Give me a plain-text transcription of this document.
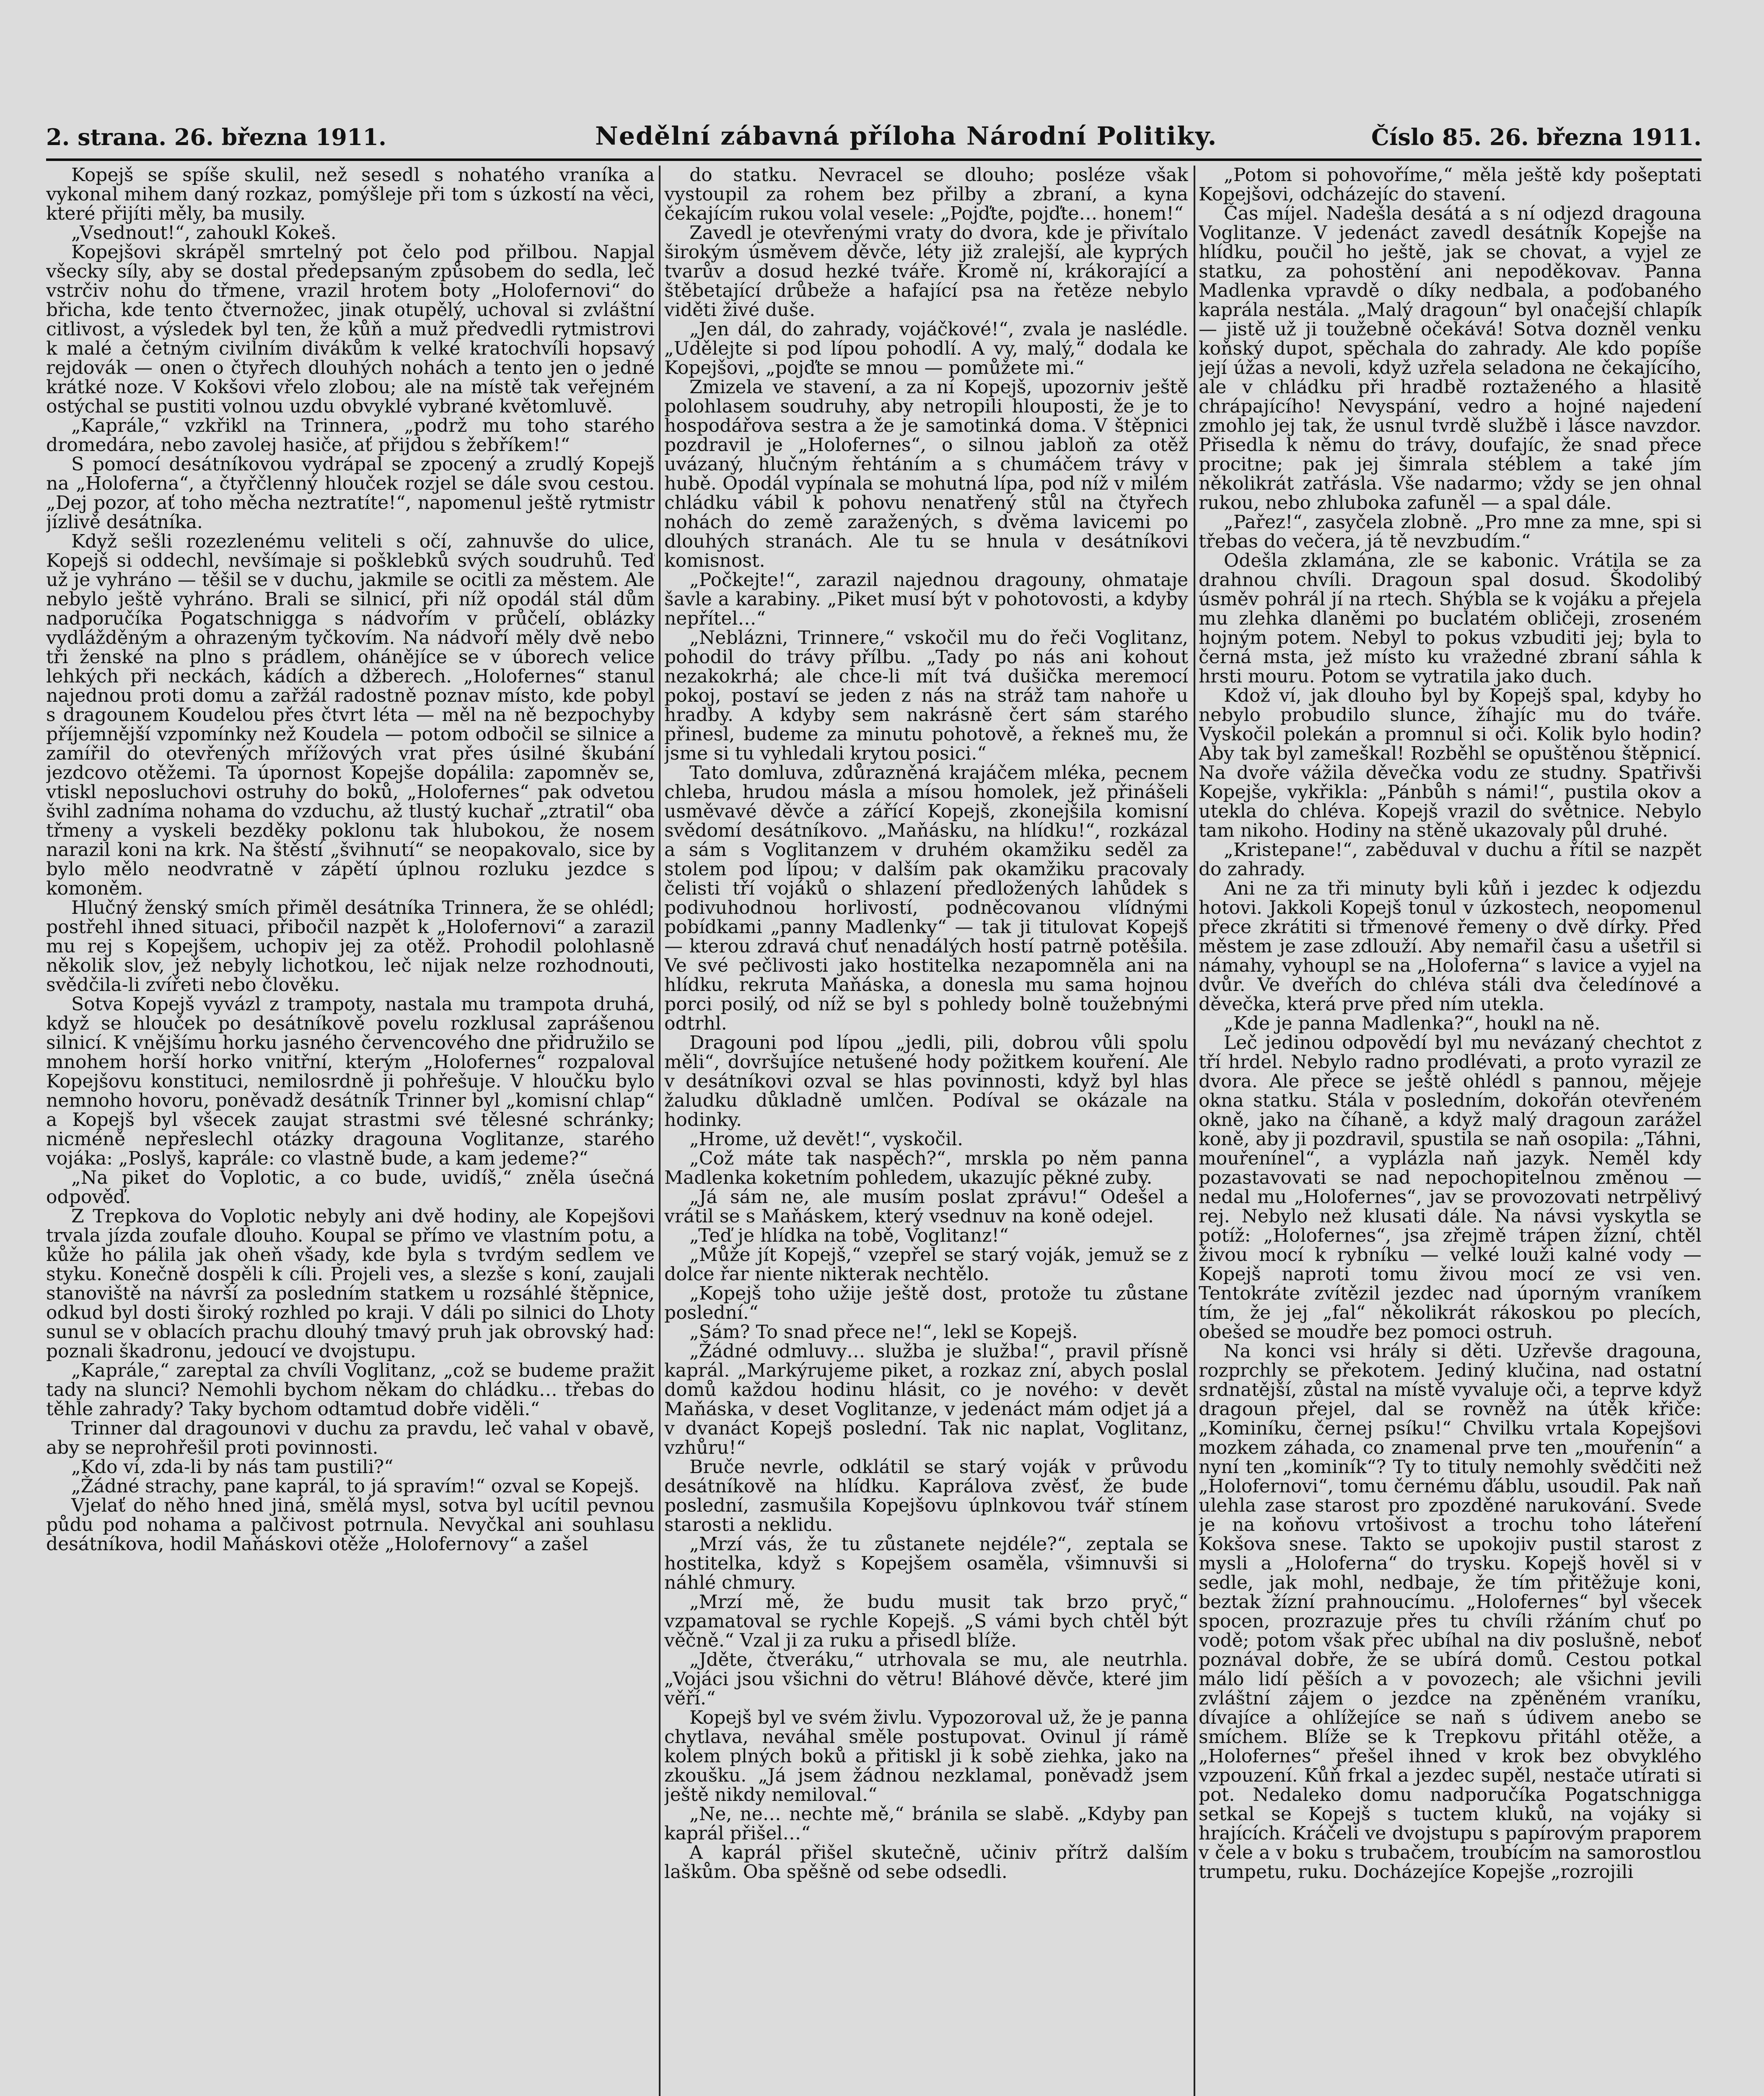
2. strana. 26. března 1911.	Nedělní zábavná příloha Národní Politiky.	Číslo 85. 26. března 1911.

Kopejš se spíše skulil, než sesedl s nohatého vraníka a vykonal mihem daný rozkaz, pomýšleje při tom s úzkostí na věci, které přijíti měly, ba musily.

„Vsednout!“, zahoukl Kokeš.

Kopejšovi skrápěl smrtelný pot čelo pod přilbou. Napjal všecky síly, aby se dostal předepsaným způsobem do sedla, leč vstrčiv nohu do třmene, vrazil hrotem boty „Holofernovi“ do břicha, kde tento čtvernožec, jinak otupělý, uchoval si zvláštní citlivost, a výsledek byl ten, že kůň a muž předvedli rytmistrovi k malé a četným civilním divákům k velké kratochvíli hopsavý rejdovák — onen o čtyřech dlouhých nohách a tento jen o jedné krátké noze. V Kokšovi vřelo zlobou; ale na místě tak veřejném ostýchal se pustiti volnou uzdu obvyklé vybrané květomluvě.

„Kaprále,“ vzkřikl na Trinnera, „podrž mu toho starého dromedára, nebo zavolej hasiče, ať přijdou s žebříkem!“

S pomocí desátníkovou vydrápal se zpocený a zrudlý Kopejš na „Holoferna“, a čtyřčlenný hlouček rozjel se dále svou cestou. „Dej pozor, ať toho měcha neztratíte!“, napomenul ještě rytmistr jízlivě desátníka.

Když sešli rozezlenému veliteli s očí, zahnuvše do ulice, Kopejš si oddechl, nevšímaje si pošklebků svých soudruhů. Teď už je vyhráno — těšil se v duchu, jakmile se ocitli za městem. Ale nebylo ještě vyhráno. Brali se silnicí, při níž opodál stál dům nadporučíka Pogatschnigga s nádvořím v průčelí, oblázky vydlážděným a ohrazeným tyčkovím. Na nádvoří měly dvě nebo tři ženské na plno s prádlem, ohánějíce se v úborech velice lehkých při neckách, kádích a džberech. „Holofernes“ stanul najednou proti domu a zařžál radostně poznav místo, kde pobyl s dragounem Koudelou přes čtvrt léta — měl na ně bezpochyby příjemnější vzpomínky než Koudela — potom odbočil se silnice a zamířil do otevřených mřížových vrat přes úsilné škubání jezdcovo otěžemi. Ta úpornost Kopejše dopálila: zapomněv se, vtiskl neposluchovi ostruhy do boků, „Holofernes“ pak odvetou švihl zadníma nohama do vzduchu, až tlustý kuchař „ztratil“ oba třmeny a vyskeli bezděky poklonu tak hlubokou, že nosem narazil koni na krk. Na štěstí „švihnutí“ se neopakovalo, sice by bylo mělo neodvratně v zápětí úplnou rozluku jezdce s komoněm.

Hlučný ženský smích přiměl desátníka Trinnera, že se ohlédl; postřehl ihned situaci, přibočil nazpět k „Holofernovi“ a zarazil mu rej s Kopejšem, uchopiv jej za otěž. Prohodil polohlasně několik slov, jež nebyly lichotkou, leč nijak nelze rozhodnouti, svědčila-li zvířeti nebo člověku.

Sotva Kopejš vyvázl z trampoty, nastala mu trampota druhá, když se hlouček po desátníkově povelu rozklusal zaprášenou silnicí. K vnějšímu horku jasného červencového dne přidružilo se mnohem horší horko vnitřní, kterým „Holofernes“ rozpaloval Kopejšovu konstituci, nemilosrdně ji pohřešuje. V hloučku bylo nemnoho hovoru, poněvadž desátník Trinner byl „komisní chlap“ a Kopejš byl všecek zaujat strastmi své tělesné schránky; nicméně nepřeslechl otázky dragouna Voglitanze, starého vojáka: „Poslyš, kaprále: co vlastně bude, a kam jedeme?“

„Na piket do Voplotic, a co bude, uvidíš,“ zněla úsečná odpověď.

Z Trepkova do Voplotic nebyly ani dvě hodiny, ale Kopejšovi trvala jízda zoufale dlouho. Koupal se přímo ve vlastním potu, a kůže ho pálila jak oheň všady, kde byla s tvrdým sedlem ve styku. Konečně dospěli k cíli. Projeli ves, a slezše s koní, zaujali stanoviště na návrší za posledním statkem u rozsáhlé štěpnice, odkud byl dosti široký rozhled po kraji. V dáli po silnici do Lhoty sunul se v oblacích prachu dlouhý tmavý pruh jak obrovský had: poznali škadronu, jedoucí ve dvojstupu.

„Kaprále,“ zareptal za chvíli Voglitanz, „což se budeme pražit tady na slunci? Nemohli bychom někam do chládku… třebas do těhle zahrady? Taky bychom odtamtud dobře viděli.“

Trinner dal dragounovi v duchu za pravdu, leč vahal v obavě, aby se neprohřešil proti povinnosti.

„Kdo ví, zda-li by nás tam pustili?“

„Žádné strachy, pane kaprál, to já spravím!“ ozval se Kopejš.

Vjelať do něho hned jiná, smělá mysl, sotva byl ucítil pevnou půdu pod nohama a palčivost potrnula. Nevyčkal ani souhlasu desátníkova, hodil Maňáskovi otěže „Holofernovy“ a zašel

do statku. Nevracel se dlouho; posléze však vystoupil za rohem bez přilby a zbraní, a kyna čekajícím rukou volal vesele: „Pojďte, pojďte… honem!“

Zavedl je otevřenými vraty do dvora, kde je přivítalo širokým úsměvem děvče, léty již zralejší, ale kyprých tvarův a dosud hezké tváře. Kromě ní, krákorající a štěbetající drůbeže a hafající psa na řetěze nebylo viděti živé duše.

„Jen dál, do zahrady, vojáčkové!“, zvala je naslédle. „Udělejte si pod lípou pohodlí. A vy, malý,“ dodala ke Kopejšovi, „pojďte se mnou — pomůžete mi.“

Zmizela ve stavení, a za ní Kopejš, upozorniv ještě polohlasem soudruhy, aby netropili hlouposti, že je to hospodářova sestra a že je samotinká doma. V štěpnici pozdravil je „Holofernes“, o silnou jabloň za otěž uvázaný, hlučným řehtáním a s chumáčem trávy v hubě. Opodál vypínala se mohutná lípa, pod níž v milém chládku vábil k pohovu nenatřený stůl na čtyřech nohách do země zaražených, s dvěma lavicemi po dlouhých stranách. Ale tu se hnula v desátníkovi komisnost.

„Počkejte!“, zarazil najednou dragouny, ohmataje šavle a karabiny. „Piket musí být v pohotovosti, a kdyby nepřítel…“

„Neblázni, Trinnere,“ vskočil mu do řeči Voglitanz, pohodil do trávy přílbu. „Tady po nás ani kohout nezakokrhá; ale chce-li mít tvá dušička meremocí pokoj, postaví se jeden z nás na stráž tam nahoře u hradby. A kdyby sem nakrásně čert sám starého přinesl, budeme za minutu pohotově, a řekneš mu, že jsme si tu vyhledali krytou posici.“

Tato domluva, zdůrazněná krajáčem mléka, pecnem chleba, hrudou másla a mísou homolek, jež přinášeli usměvavé děvče a zářící Kopejš, zkonejšila komisní svědomí desátníkovo. „Maňásku, na hlídku!“, rozkázal a sám s Voglitanzem v druhém okamžiku seděl za stolem pod lípou; v dalším pak okamžiku pracovaly čelisti tří vojáků o shlazení předložených lahůdek s podivuhodnou horlivostí, podněcovanou vlídnými pobídkami „panny Madlenky“ — tak ji titulovat Kopejš — kterou zdravá chuť nenadálých hostí patrně potěšila. Ve své pečlivosti jako hostitelka nezapomněla ani na hlídku, rekruta Maňáska, a donesla mu sama hojnou porci posilý, od níž se byl s pohledy bolně toužebnými odtrhl.

Dragouni pod lípou „jedli, pili, dobrou vůli spolu měli“, dovršujíce netušené hody požitkem kouření. Ale v desátníkovi ozval se hlas povinnosti, když byl hlas žaludku důkladně umlčen. Podíval se okázale na hodinky.

„Hrome, už devět!“, vyskočil.

„Což máte tak naspěch?“, mrskla po něm panna Madlenka koketním pohledem, ukazujíc pěkné zuby.

„Já sám ne, ale musím poslat zprávu!“ Odešel a vrátil se s Maňáskem, který vsednuv na koně odejel.

„Teď je hlídka na tobě, Voglitanz!“

„Může jít Kopejš,“ vzepřel se starý voják, jemuž se z dolce řar niente nikterak nechtělo.

„Kopejš toho užije ještě dost, protože tu zůstane poslední.“

„Sám? To snad přece ne!“, lekl se Kopejš.

„Žádné odmluvy… služba je služba!“, pravil přísně kaprál. „Markýrujeme piket, a rozkaz zní, abych poslal domů každou hodinu hlásit, co je nového: v devět Maňáska, v deset Voglitanze, v jedenáct mám odjet já a v dvanáct Kopejš poslední. Tak nic naplat, Voglitanz, vzhůru!“

Bruče nevrle, odklátil se starý voják v průvodu desátníkově na hlídku. Kaprálova zvěsť, že bude poslední, zasmušila Kopejšovu úplnkovou tvář stínem starosti a neklidu.

„Mrzí vás, že tu zůstanete nejdéle?“, zeptala se hostitelka, když s Kopejšem osaměla, všimnuvši si náhlé chmury.

„Mrzí mě, že budu musit tak brzo pryč,“ vzpamatoval se rychle Kopejš. „S vámi bych chtěl být věčně.“ Vzal ji za ruku a přisedl blíže.

„Jděte, čtveráku,“ utrhovala se mu, ale neutrhla. „Vojáci jsou všichni do větru! Bláhové děvče, které jim věří.“

Kopejš byl ve svém živlu. Vypozoroval už, že je panna chytlava, neváhal směle postupovat. Ovinul jí rámě kolem plných boků a přitiskl ji k sobě ziehka, jako na zkoušku. „Já jsem žádnou nezklamal, poněvadž jsem ještě nikdy nemiloval.“

„Ne, ne… nechte mě,“ bránila se slabě. „Kdyby pan kaprál přišel…“

A kaprál přišel skutečně, učiniv přítrž dalším laškům. Oba spěšně od sebe odsedli.

„Potom si pohovoříme,“ měla ještě kdy pošeptati Kopejšovi, odcházejíc do stavení.

Čas míjel. Nadešla desátá a s ní odjezd dragouna Voglitanze. V jedenáct zavedl desátník Kopejše na hlídku, poučil ho ještě, jak se chovat, a vyjel ze statku, za pohostění ani nepoděkovav. Panna Madlenka vpravdě o díky nedbala, a poďobaného kaprála nestála. „Malý dragoun“ byl onačejší chlapík — jistě už ji toužebně očekává! Sotva dozněl venku koňský dupot, spěchala do zahrady. Ale kdo popíše její úžas a nevoli, když uzřela seladona ne čekajícího, ale v chládku při hradbě roztaženého a hlasitě chrápajícího! Nevyspání, vedro a hojné najedení zmohlo jej tak, že usnul tvrdě službě i lásce navzdor. Přisedla k němu do trávy, doufajíc, že snad přece procitne; pak jej šimrala stéblem a také jím několikrát zatřásla. Vše nadarmo; vždy se jen ohnal rukou, nebo zhluboka zafuněl — a spal dále.

„Pařez!“, zasyčela zlobně. „Pro mne za mne, spi si třebas do večera, já tě nevzbudím.“

Odešla zklamána, zle se kabonic. Vrátila se za drahnou chvíli. Dragoun spal dosud. Škodolibý úsměv pohrál jí na rtech. Shýbla se k vojáku a přejela mu zlehka dlaněmi po buclatém obličeji, zroseném hojným potem. Nebyl to pokus vzbuditi jej; byla to černá mstа, jež místo ku vražedné zbraní sáhla k hrsti mouru. Potom se vytratila jako duch.

Kdož ví, jak dlouho byl by Kopejš spal, kdyby ho nebylo probudilo slunce, žíhajíc mu do tváře. Vyskočil polekán a promnul si oči. Kolik bylo hodin? Aby tak byl zameškal! Rozběhl se opuštěnou štěpnicí. Na dvoře vážila děvečka vodu ze studny. Spatřivši Kopejše, vykřikla: „Pánbůh s námi!“, pustila okov a utekla do chléva. Kopejš vrazil do světnice. Nebylo tam nikoho. Hodiny na stěně ukazovaly půl druhé.

„Kristepane!“, zaběduval v duchu a řítil se nazpět do zahrady.

Ani ne za tři minuty byli kůň i jezdec k odjezdu hotovi. Jakkoli Kopejš tonul v úzkostech, neopomenul přece zkrátiti si třmenové řemeny o dvě dírky. Před městem je zase zdlouží. Aby nemařil času a ušetřil si námahy, vyhoupl se na „Holoferna“ s lavice a vyjel na dvůr. Ve dveřích do chlévа stáli dva čeledínové a děvečka, která prve před ním utekla.

„Kde je panna Madlenka?“, houkl na ně.

Leč jedinou odpovědí byl mu nevázaný chechtot z tří hrdel. Nebylo radno prodlévati, a proto vyrazil ze dvora. Ale přece se ještě ohlédl s pannou, mějeje okna statku. Stála v posledním, dokořán otevřeném okně, jako na číhaně, a když malý dragoun zarážel koně, aby ji pozdravil, spustila se naň osopila: „Táhni, mouřenínel“, a vyplázla naň jazyk. Neměl kdy pozastavovati se nad nepochopitelnou změnou — nedal mu „Holofernes“, jav se provozovati netrpělivý rej. Nebylo než klusati dále. Na návsi vyskytla se potíž: „Holofernes“, jsa zřejmě trápen žízní, chtěl živou mocí k rybníku — velké louži kalné vody — Kopejš naproti tomu živou mocí ze vsi ven. Tentokráte zvítězil jezdec nad úporným vraníkem tím, že jej „fal“ několikrát rákoskou po plecích, obešed se moudře bez pomoci ostruh.

Na konci vsi hrály si děti. Uzřevše dragouna, rozprchly se překotem. Jediný klučina, nad ostatní srdnatější, zůstal na místě vyvaluje oči, a teprve když dragoun přejel, dal se rovněž na útěk křiče: „Kominíku, černej psíku!“ Chvilku vrtala Kopejšovi mozkem záhada, co znamenal prve ten „mouřenín“ a nyní ten „kominík“? Ty to tituly nemohly svědčiti než „Holofernovi“, tomu černému ďáblu, usoudil. Pak naň ulehla zase starost pro zpozděné narukování. Svede je na koňovu vrtošivost a trochu toho láteření Kokšova snese. Takto se upokojiv pustil starost z mysli a „Holoferna“ do trysku. Kopejš hověl si v sedle, jak mohl, nedbaje, že tím přitěžuje koni, beztak žízní prahnoucímu. „Holofernes“ byl všecek spocen, prozrazuje přes tu chvíli ržáním chuť po vodě; potom však přec ubíhal na div poslušně, neboť poznával dobře, že se ubírá domů. Cestou potkal málo lidí pěších a v povozech; ale všichni jevili zvláštní zájem o jezdce na zpěněném vraníku, dívajíce a ohlížejíce se naň s údivem anebo se smíchem. Blíže se k Trepkovu přitáhl otěže, a „Holofernes“ přešel ihned v krok bez obvyklého vzpouzení. Kůň frkal a jezdec supěl, nestače utírati si pot. Nedaleko domu nadporučíka Pogatschnigga setkal se Kopejš s tuctem kluků, na vojáky si hrajících. Kráčeli ve dvojstupu s papírovým praporem v čele a v boku s trubačem, troubícím na samorostlou trumpetu, ruku. Docházejíce Kopejše „rozrojili
